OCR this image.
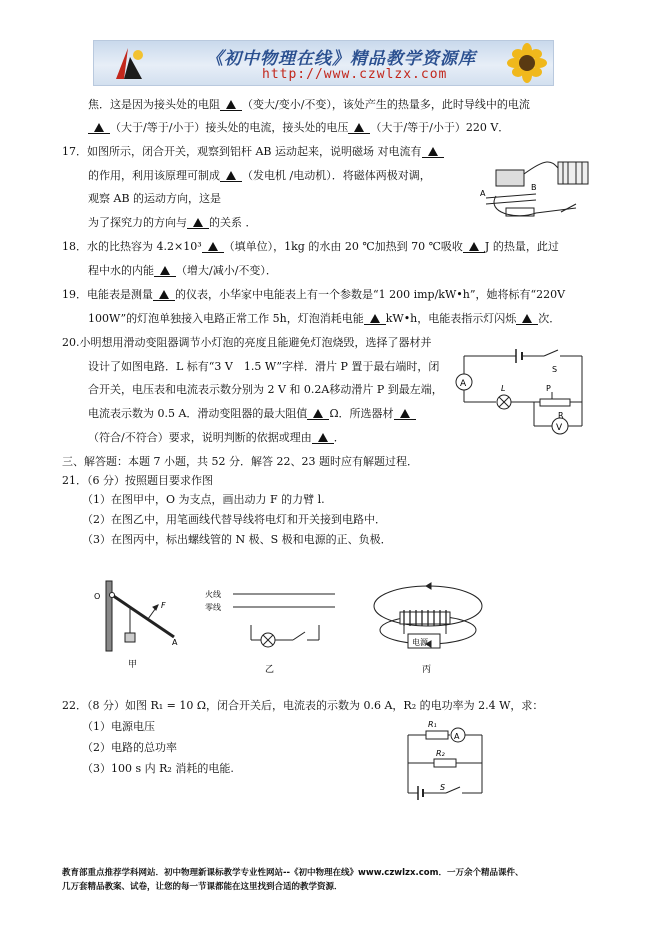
《初中物理在线》精品教学资源库
http://www.czwlzx.com
焦．这是因为接头处的电阻 （变大/变小/不变），该处产生的热量多，此时导线中的电流
（大于/等于/小于）接头处的电流，接头处的电压 （大于/等于/小于）220 V．
17．如图所示，闭合开关，观察到铝杆 AB 运动起来，说明磁场 对电流有
的作用，利用该原理可制成 （发电机 /电动机）．将磁体两极对调，
观察 AB 的运动方向，这是
为了探究力的方向与 的关系 ．
A
B
18．水的比热容为 4.2×10³ （填单位），1kg 的水由 20 ℃加热到 70 ℃吸收 J 的热量，此过
程中水的内能 （增大/减小/不变）．
19．电能表是测量 的仪表，小华家中电能表上有一个参数是“1 200 imp/kW•h”，她将标有“220V
100W”的灯泡单独接入电路正常工作 5h，灯泡消耗电能 kW•h，电能表指示灯闪烁 次．
20.小明想用滑动变阻器调节小灯泡的亮度且能避免灯泡烧毁，选择了器材并
设计了如图电路．L 标有“3 V　1.5 W”字样．滑片 P 置于最右端时，闭
合开关，电压表和电流表示数分别为 2 V 和 0.2A移动滑片 P 到最左端，
电流表示数为 0.5 A．滑动变阻器的最大阻值 Ω．所选器材
（符合/不符合）要求，说明判断的依据或理由 ．
A	L	P
R
V
S
三、解答题：本题 7 小题，共 52 分．解答 22、23 题时应有解题过程．
21．（6 分）按照题目要求作图
（1）在图甲中，O 为支点，画出动力 F 的力臂 l.
（2）在图乙中，用笔画线代替导线将电灯和开关接到电路中．
（3）在图丙中，标出螺线管的 N 极、S 极和电源的正、负极．
O
F
A
甲
火线
零线
乙
电源
丙
22．（8 分）如图 R₁ = 10 Ω，闭合开关后，电流表的示数为 0.6 A，R₂ 的电功率为 2.4 W，求：
（1）电源电压
（2）电路的总功率
（3）100 s 内 R₂ 消耗的电能.
R₁
A
R₂
S
教育部重点推荐学科网站．初中物理新课标教学专业性网站--《初中物理在线》www.czwlzx.com．一万余个精品课件、
几万套精品教案、试卷，让您的每一节课都能在这里找到合适的教学资源．
